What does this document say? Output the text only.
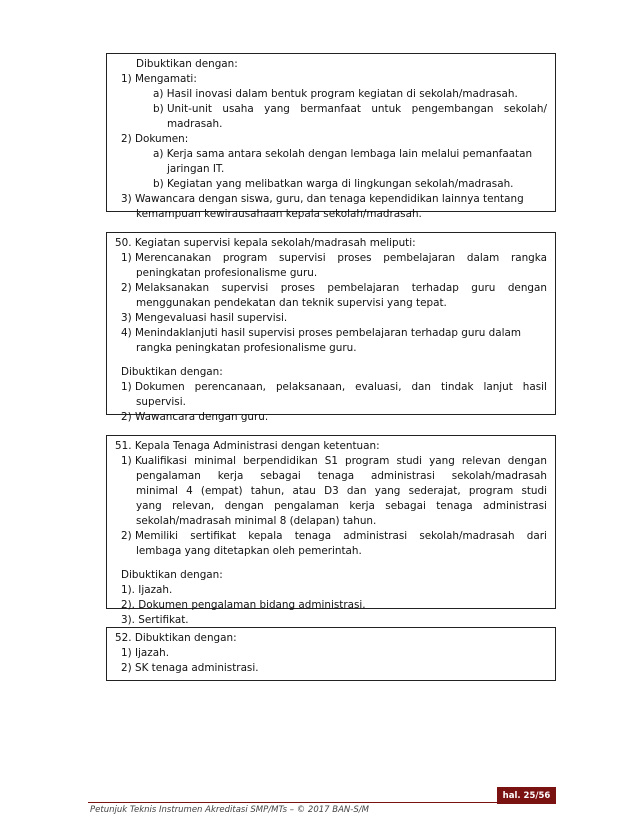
Dibuktikan dengan:
1) Mengamati:
a) Hasil inovasi dalam bentuk program kegiatan di sekolah/madrasah.
b) Unit-unit usaha yang bermanfaat untuk pengembangan sekolah/
madrasah.
2) Dokumen:
a) Kerja sama antara sekolah dengan lembaga lain melalui pemanfaatan
jaringan IT.
b) Kegiatan yang melibatkan warga di lingkungan sekolah/madrasah.
3) Wawancara dengan siswa, guru, dan tenaga kependidikan lainnya tentang
kemampuan kewirausahaan kepala sekolah/madrasah.
50. Kegiatan supervisi kepala sekolah/madrasah meliputi:
1) Merencanakan program supervisi proses pembelajaran dalam rangka
peningkatan profesionalisme guru.
2) Melaksanakan supervisi proses pembelajaran terhadap guru dengan
menggunakan pendekatan dan teknik supervisi yang tepat.
3) Mengevaluasi hasil supervisi.
4) Menindaklanjuti hasil supervisi proses pembelajaran terhadap guru dalam
rangka peningkatan profesionalisme guru.
Dibuktikan dengan:
1) Dokumen perencanaan, pelaksanaan, evaluasi, dan tindak lanjut hasil
supervisi.
2) Wawancara dengan guru.
51. Kepala Tenaga Administrasi dengan ketentuan:
1) Kualifikasi minimal berpendidikan S1 program studi yang relevan dengan
pengalaman kerja sebagai tenaga administrasi sekolah/madrasah
minimal 4 (empat) tahun, atau D3 dan yang sederajat, program studi
yang relevan, dengan pengalaman kerja sebagai tenaga administrasi
sekolah/madrasah minimal 8 (delapan) tahun.
2) Memiliki sertifikat kepala tenaga administrasi sekolah/madrasah dari
lembaga yang ditetapkan oleh pemerintah.
Dibuktikan dengan:
1). Ijazah.
2). Dokumen pengalaman bidang administrasi.
3). Sertifikat.
52. Dibuktikan dengan:
1) Ijazah.
2) SK tenaga administrasi.
hal. 25/56
Petunjuk Teknis Instrumen Akreditasi SMP/MTs – © 2017 BAN-S/M
